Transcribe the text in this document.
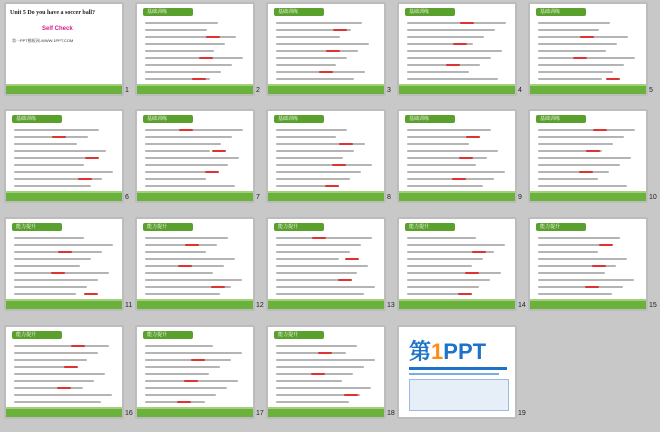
Unit 5 Do you have a soccer ball?
Self Check
第一PPT模板网-WWW.1PPT.COM
1
基础训练
2
基础训练
3
基础训练
4
基础训练
5
基础训练
6
基础训练
7
基础训练
8
基础训练
9
基础训练
10
能力提升
11
能力提升
12
能力提升
13
能力提升
14
能力提升
15
能力提升
16
能力提升
17
能力提升
18
第1PPT
19
